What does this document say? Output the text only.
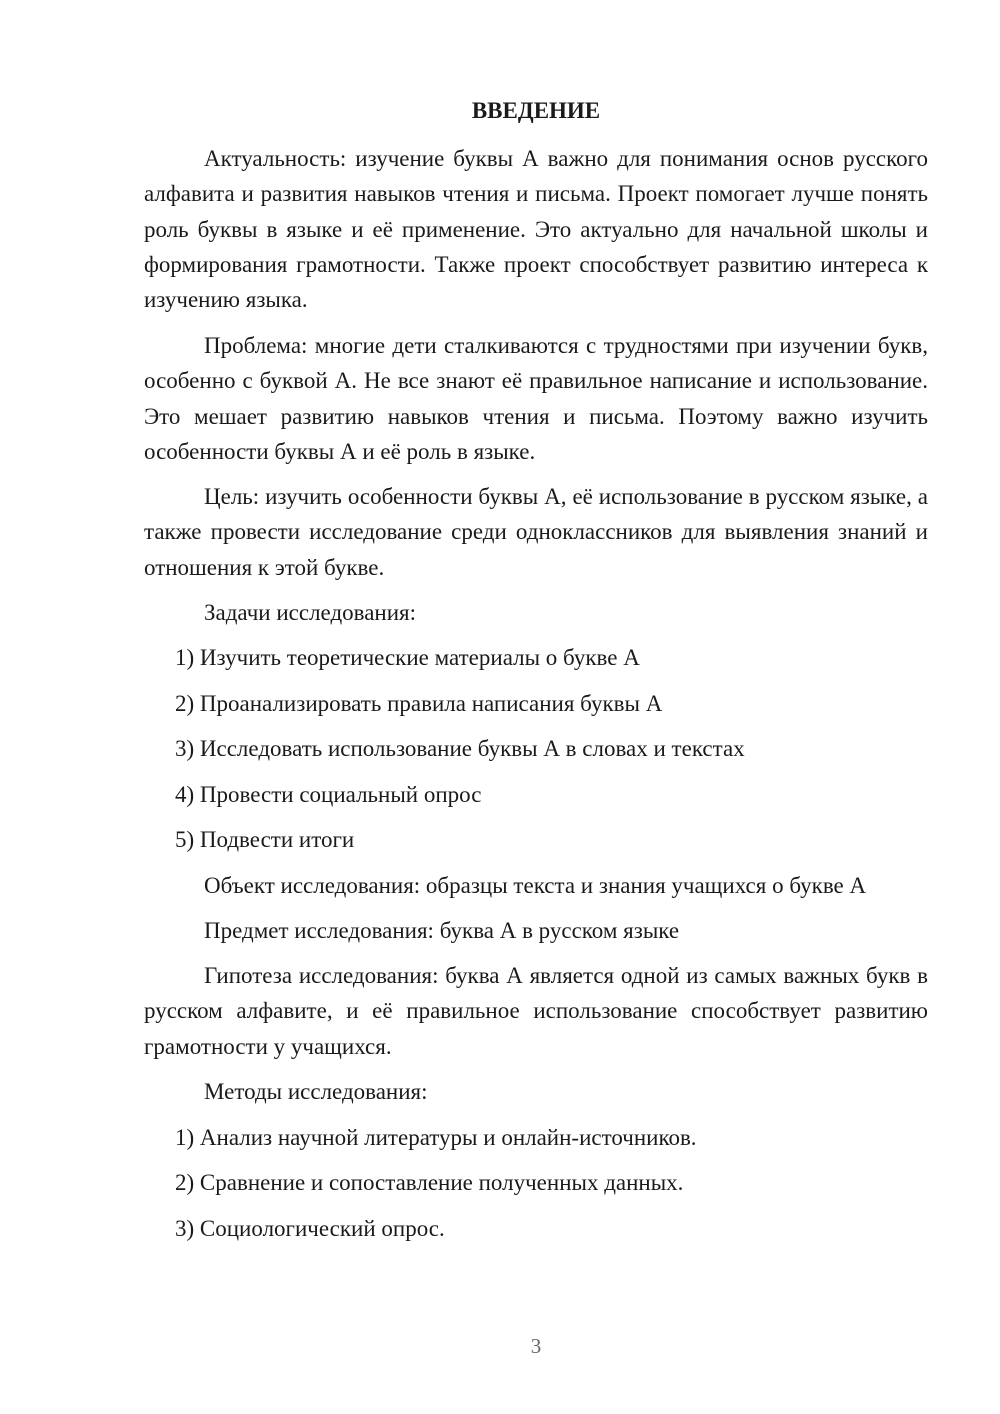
ВВЕДЕНИЕ

Актуальность: изучение буквы А важно для понимания основ русского алфавита и развития навыков чтения и письма. Проект помогает лучше понять роль буквы в языке и её применение. Это актуально для начальной школы и формирования грамотности. Также проект способствует развитию интереса к изучению языка.

Проблема: многие дети сталкиваются с трудностями при изучении букв, особенно с буквой А. Не все знают её правильное написание и использование. Это мешает развитию навыков чтения и письма. Поэтому важно изучить особенности буквы А и её роль в языке.

Цель: изучить особенности буквы А, её использование в русском языке, а также провести исследование среди одноклассников для выявления знаний и отношения к этой букве.

Задачи исследования:

1) Изучить теоретические материалы о букве А

2) Проанализировать правила написания буквы А

3) Исследовать использование буквы А в словах и текстах

4) Провести социальный опрос

5) Подвести итоги

Объект исследования: образцы текста и знания учащихся о букве А

Предмет исследования: буква А в русском языке

Гипотеза исследования: буква А является одной из самых важных букв в русском алфавите, и её правильное использование способствует развитию грамотности у учащихся.

Методы исследования:

1) Анализ научной литературы и онлайн-источников.

2) Сравнение и сопоставление полученных данных.

3) Социологический опрос.

3
